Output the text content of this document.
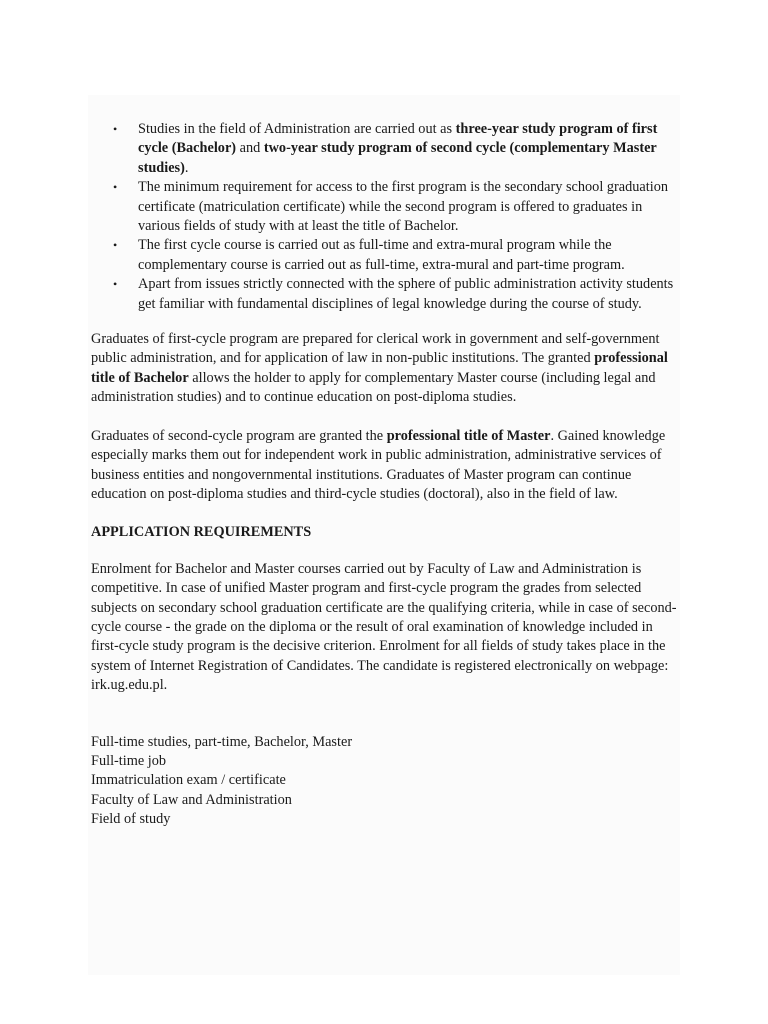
• Studies in the field of Administration are carried out as three-year study program of first cycle (Bachelor) and two-year study program of second cycle (complementary Master studies).
• The minimum requirement for access to the first program is the secondary school graduation certificate (matriculation certificate) while the second program is offered to graduates in various fields of study with at least the title of Bachelor.
• The first cycle course is carried out as full-time and extra-mural program while the complementary course is carried out as full-time, extra-mural and part-time program.
• Apart from issues strictly connected with the sphere of public administration activity students get familiar with fundamental disciplines of legal knowledge during the course of study.

Graduates of first-cycle program are prepared for clerical work in government and self-government public administration, and for application of law in non-public institutions. The granted professional title of Bachelor allows the holder to apply for complementary Master course (including legal and administration studies) and to continue education on post-diploma studies.

Graduates of second-cycle program are granted the professional title of Master. Gained knowledge especially marks them out for independent work in public administration, administrative services of business entities and nongovernmental institutions. Graduates of Master program can continue education on post-diploma studies and third-cycle studies (doctoral), also in the field of law.

APPLICATION REQUIREMENTS

Enrolment for Bachelor and Master courses carried out by Faculty of Law and Administration is competitive. In case of unified Master program and first-cycle program the grades from selected subjects on secondary school graduation certificate are the qualifying criteria, while in case of second-cycle course - the grade on the diploma or the result of oral examination of knowledge included in first-cycle study program is the decisive criterion. Enrolment for all fields of study takes place in the system of Internet Registration of Candidates. The candidate is registered electronically on webpage: irk.ug.edu.pl.

Full-time studies, part-time, Bachelor, Master
Full-time job
Immatriculation exam / certificate
Faculty of Law and Administration
Field of study
